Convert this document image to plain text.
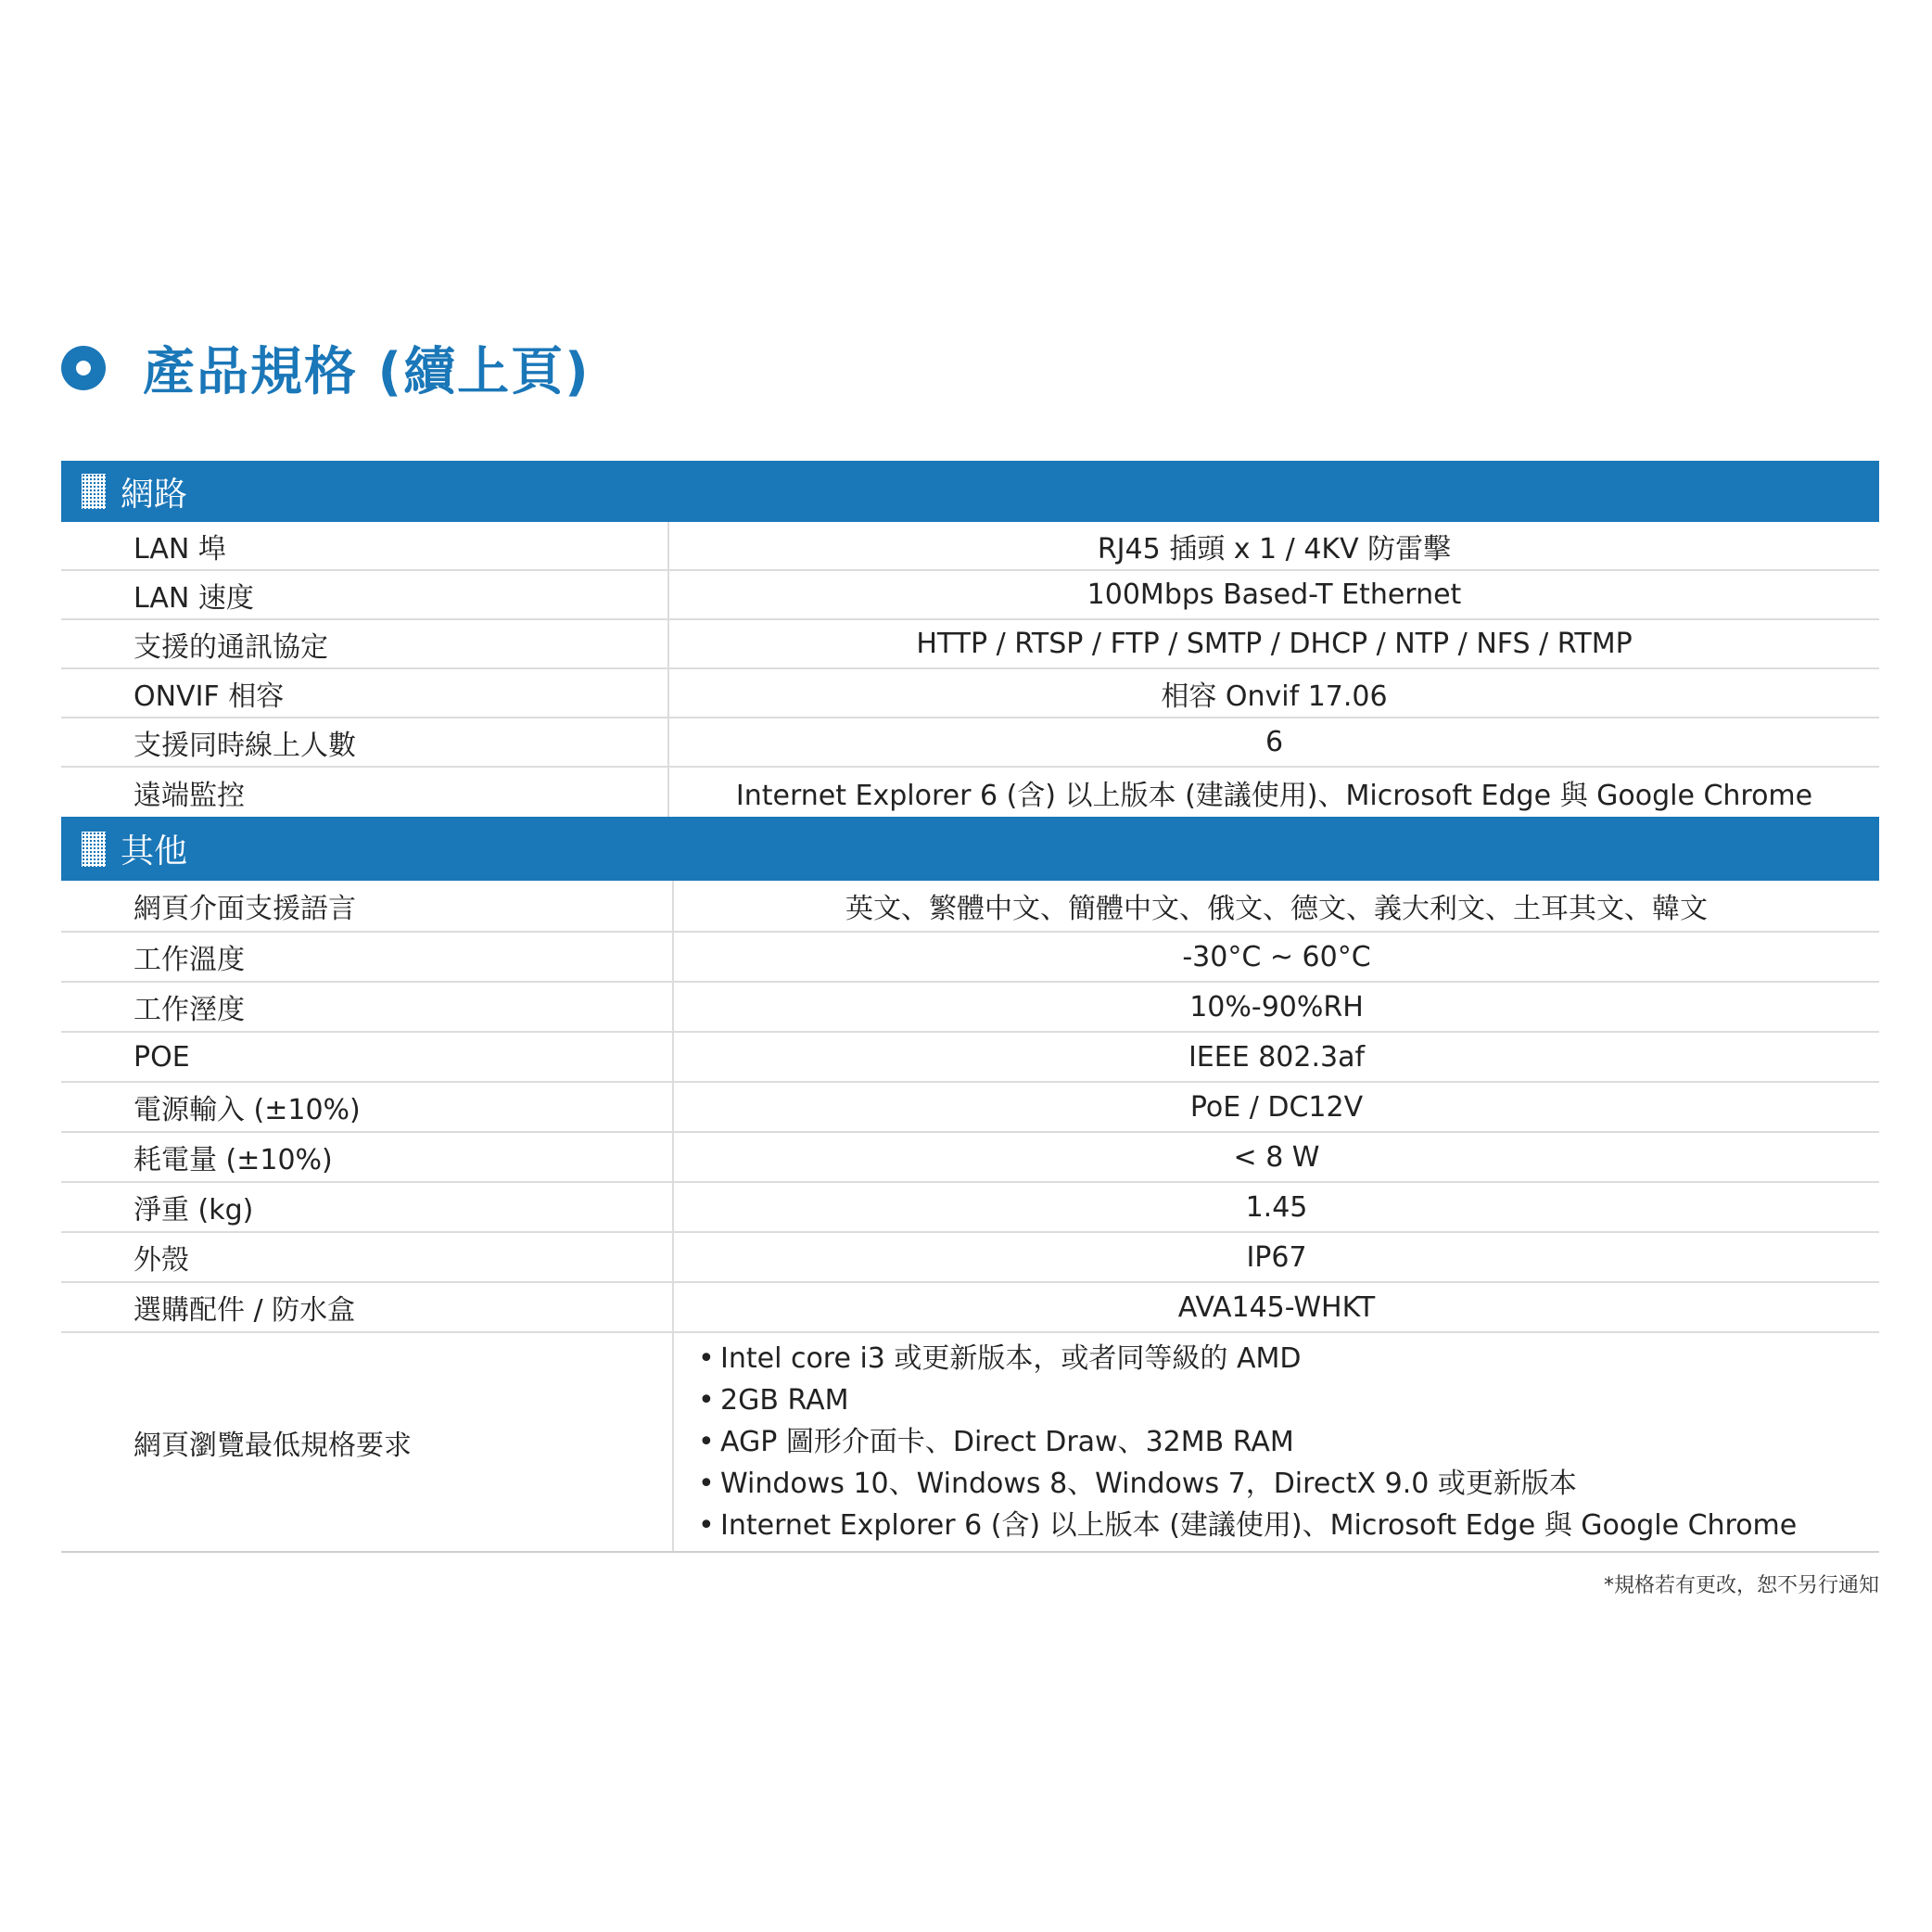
產品規格 (續上頁)
網路
LAN 埠	RJ45 插頭 x 1 / 4KV 防雷擊
LAN 速度	100Mbps Based-T Ethernet
支援的通訊協定	HTTP / RTSP / FTP / SMTP / DHCP / NTP / NFS / RTMP
ONVIF 相容	相容 Onvif 17.06
支援同時線上人數	6
遠端監控	Internet Explorer 6 (含) 以上版本 (建議使用)、Microsoft Edge 與 Google Chrome
其他
網頁介面支援語言	英文、繁體中文、簡體中文、俄文、德文、義大利文、土耳其文、韓文
工作溫度	-30°C ~ 60°C
工作溼度	10%-90%RH
POE	IEEE 802.3af
電源輸入 (±10%)	PoE / DC12V
耗電量 (±10%)	< 8 W
淨重 (kg)	1.45
外殼	IP67
選購配件 / 防水盒	AVA145-WHKT
網頁瀏覽最低規格要求
• Intel core i3 或更新版本，或者同等級的 AMD
• 2GB RAM
• AGP 圖形介面卡、Direct Draw、32MB RAM
• Windows 10、Windows 8、Windows 7，DirectX 9.0 或更新版本
• Internet Explorer 6 (含) 以上版本 (建議使用)、Microsoft Edge 與 Google Chrome
*規格若有更改，恕不另行通知
